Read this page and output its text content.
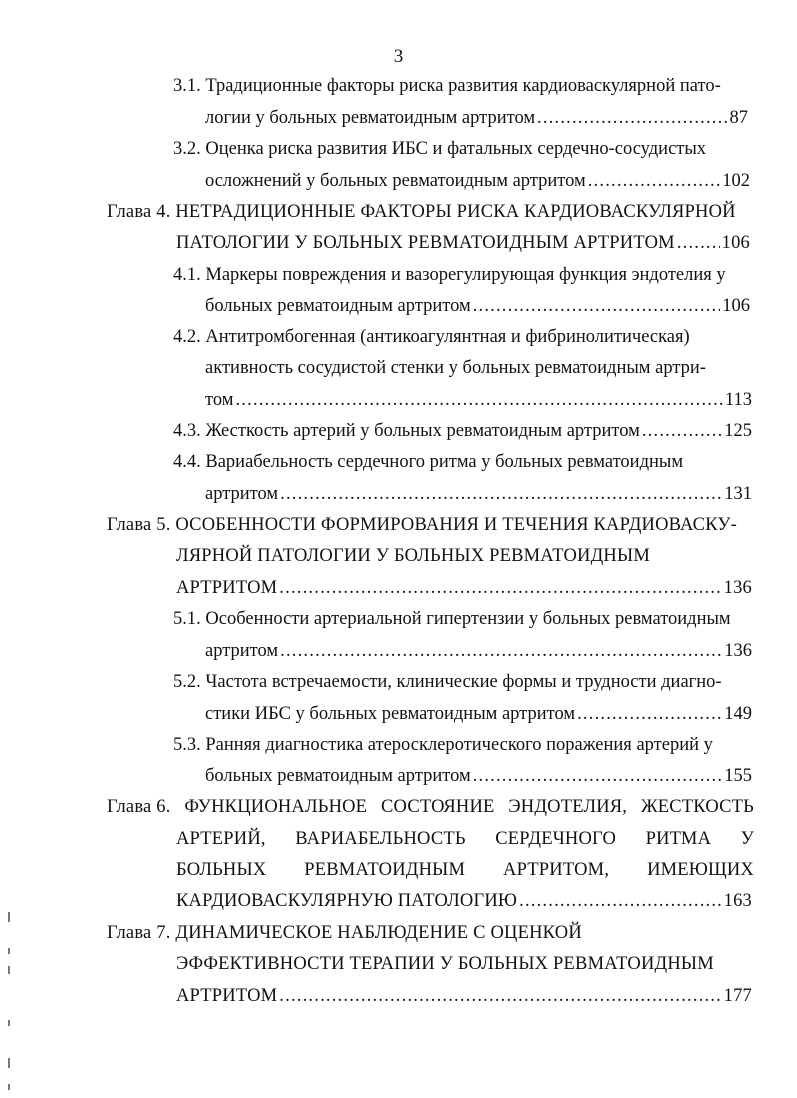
3
3.1. Традиционные факторы риска развития кардиоваскулярной пато-
логии у больных ревматоидным артритом .....	87
3.2. Оценка риска развития ИБС и фатальных сердечно-сосудистых
осложнений у больных ревматоидным артритом .....	102
Глава 4. НЕТРАДИЦИОННЫЕ ФАКТОРЫ РИСКА КАРДИОВАСКУЛЯРНОЙ
ПАТОЛОГИИ У БОЛЬНЫХ РЕВМАТОИДНЫМ АРТРИТОМ .....	106
4.1. Маркеры повреждения и вазорегулирующая функция эндотелия у
больных ревматоидным артритом .....	106
4.2. Антитромбогенная (антикоагулянтная и фибринолитическая)
активность сосудистой стенки у больных ревматоидным артри-
том .....	113
4.3. Жесткость артерий у больных ревматоидным артритом .....	125
4.4. Вариабельность сердечного ритма у больных ревматоидным
артритом .....	131
Глава 5. ОСОБЕННОСТИ ФОРМИРОВАНИЯ И ТЕЧЕНИЯ КАРДИОВАСКУ-
ЛЯРНОЙ ПАТОЛОГИИ У БОЛЬНЫХ РЕВМАТОИДНЫМ
АРТРИТОМ .....	136
5.1. Особенности артериальной гипертензии у больных ревматоидным
артритом .....	136
5.2. Частота встречаемости, клинические формы и трудности диагно-
стики ИБС у больных ревматоидным артритом .....	149
5.3. Ранняя диагностика атеросклеротического поражения артерий у
больных ревматоидным артритом .....	155
Глава 6. ФУНКЦИОНАЛЬНОЕ СОСТОЯНИЕ ЭНДОТЕЛИЯ, ЖЕСТКОСТЬ
АРТЕРИЙ, ВАРИАБЕЛЬНОСТЬ СЕРДЕЧНОГО РИТМА У
БОЛЬНЫХ РЕВМАТОИДНЫМ АРТРИТОМ, ИМЕЮЩИХ
КАРДИОВАСКУЛЯРНУЮ ПАТОЛОГИЮ .....	163
Глава 7. ДИНАМИЧЕСКОЕ НАБЛЮДЕНИЕ С ОЦЕНКОЙ
ЭФФЕКТИВНОСТИ ТЕРАПИИ У БОЛЬНЫХ РЕВМАТОИДНЫМ
АРТРИТОМ .....	177
